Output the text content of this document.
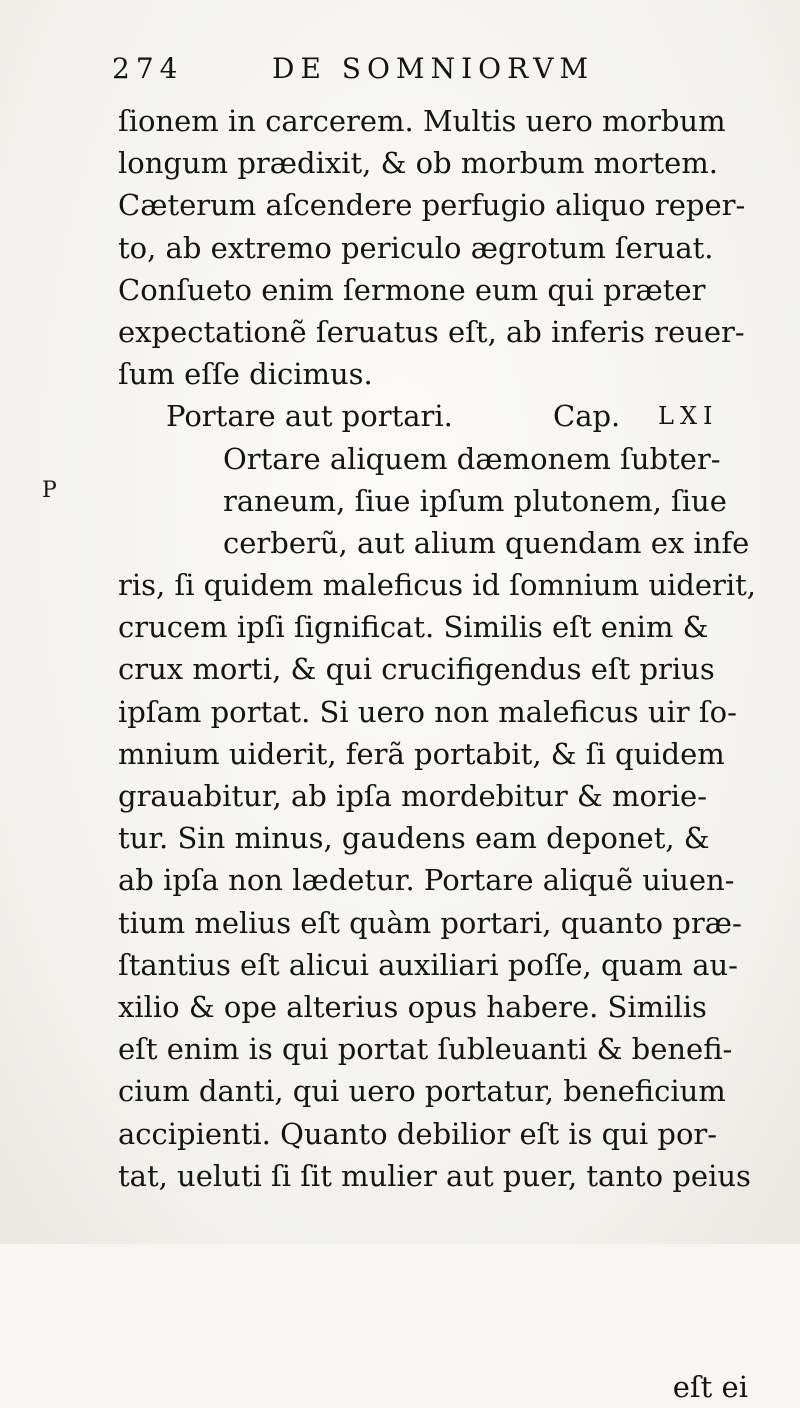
274	DE SOMNIORVM
ſionem in carcerem. Multis uero morbum
longum prædixit, & ob morbum mortem.
Cæterum aſcendere perfugio aliquo reper-
to, ab extremo periculo ægrotum ſeruat.
Conſueto enim ſermone eum qui præter
expectationẽ ſeruatus eſt, ab inferis reuer-
ſum eſſe dicimus.
Portare aut portari.	Cap. LXI
Ortare aliquem dæmonem ſubter-
raneum, ſiue ipſum plutonem, ſiue
cerberũ, aut alium quendam ex infe
ris, ſi quidem maleficus id ſomnium uiderit,
crucem ipſi ſignificat. Similis eſt enim &
crux morti, & qui crucifigendus eſt prius
ipſam portat. Si uero non maleficus uir ſo-
mnium uiderit, ferã portabit, & ſi quidem
grauabitur, ab ipſa mordebitur & morie-
tur. Sin minus, gaudens eam deponet, &
ab ipſa non lædetur. Portare aliquẽ uiuen-
tium melius eſt quàm portari, quanto præ-
ſtantius eſt alicui auxiliari poſſe, quam au-
xilio & ope alterius opus habere. Similis
eſt enim is qui portat ſubleuanti & benefi-
cium danti, qui uero portatur, beneficium
accipienti. Quanto debilior eſt is qui por-
tat, ueluti ſi ſit mulier aut puer, tanto peius
eſt ei
P
